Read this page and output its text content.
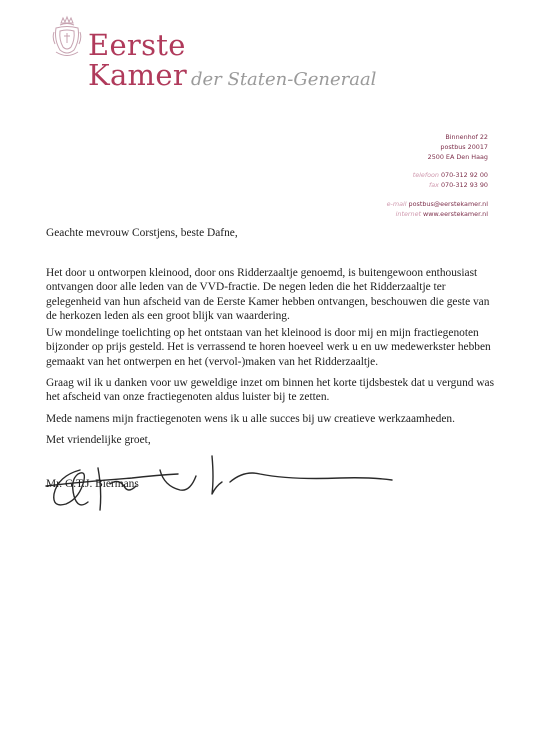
Eerste
Kamer der Staten-Generaal
Binnenhof 22
postbus 20017
2500 EA Den Haag
telefoon 070-312 92 00
fax 070-312 93 90
e-mail postbus@eerstekamer.nl
internet www.eerstekamer.nl

Geachte mevrouw Corstjens, beste Dafne,

Het door u ontworpen kleinood, door ons Ridderzaaltje genoemd, is buitengewoon enthousiast ontvangen door alle leden van de VVD-fractie. De negen leden die het Ridderzaaltje ter gelegenheid van hun afscheid van de Eerste Kamer hebben ontvangen, beschouwen die geste van de herkozen leden als een groot blijk van waardering.

Uw mondelinge toelichting op het ontstaan van het kleinood is door mij en mijn fractiegenoten bijzonder op prijs gesteld. Het is verrassend te horen hoeveel werk u en uw medewerkster hebben gemaakt van het ontwerpen en het (vervol-)maken van het Ridderzaaltje.

Graag wil ik u danken voor uw geweldige inzet om binnen het korte tijdsbestek dat u vergund was het afscheid van onze fractiegenoten aldus luister bij te zetten.

Mede namens mijn fractiegenoten wens ik u alle succes bij uw creatieve werkzaamheden.

Met vriendelijke groet,

Mr. G.T.J. Biermans
